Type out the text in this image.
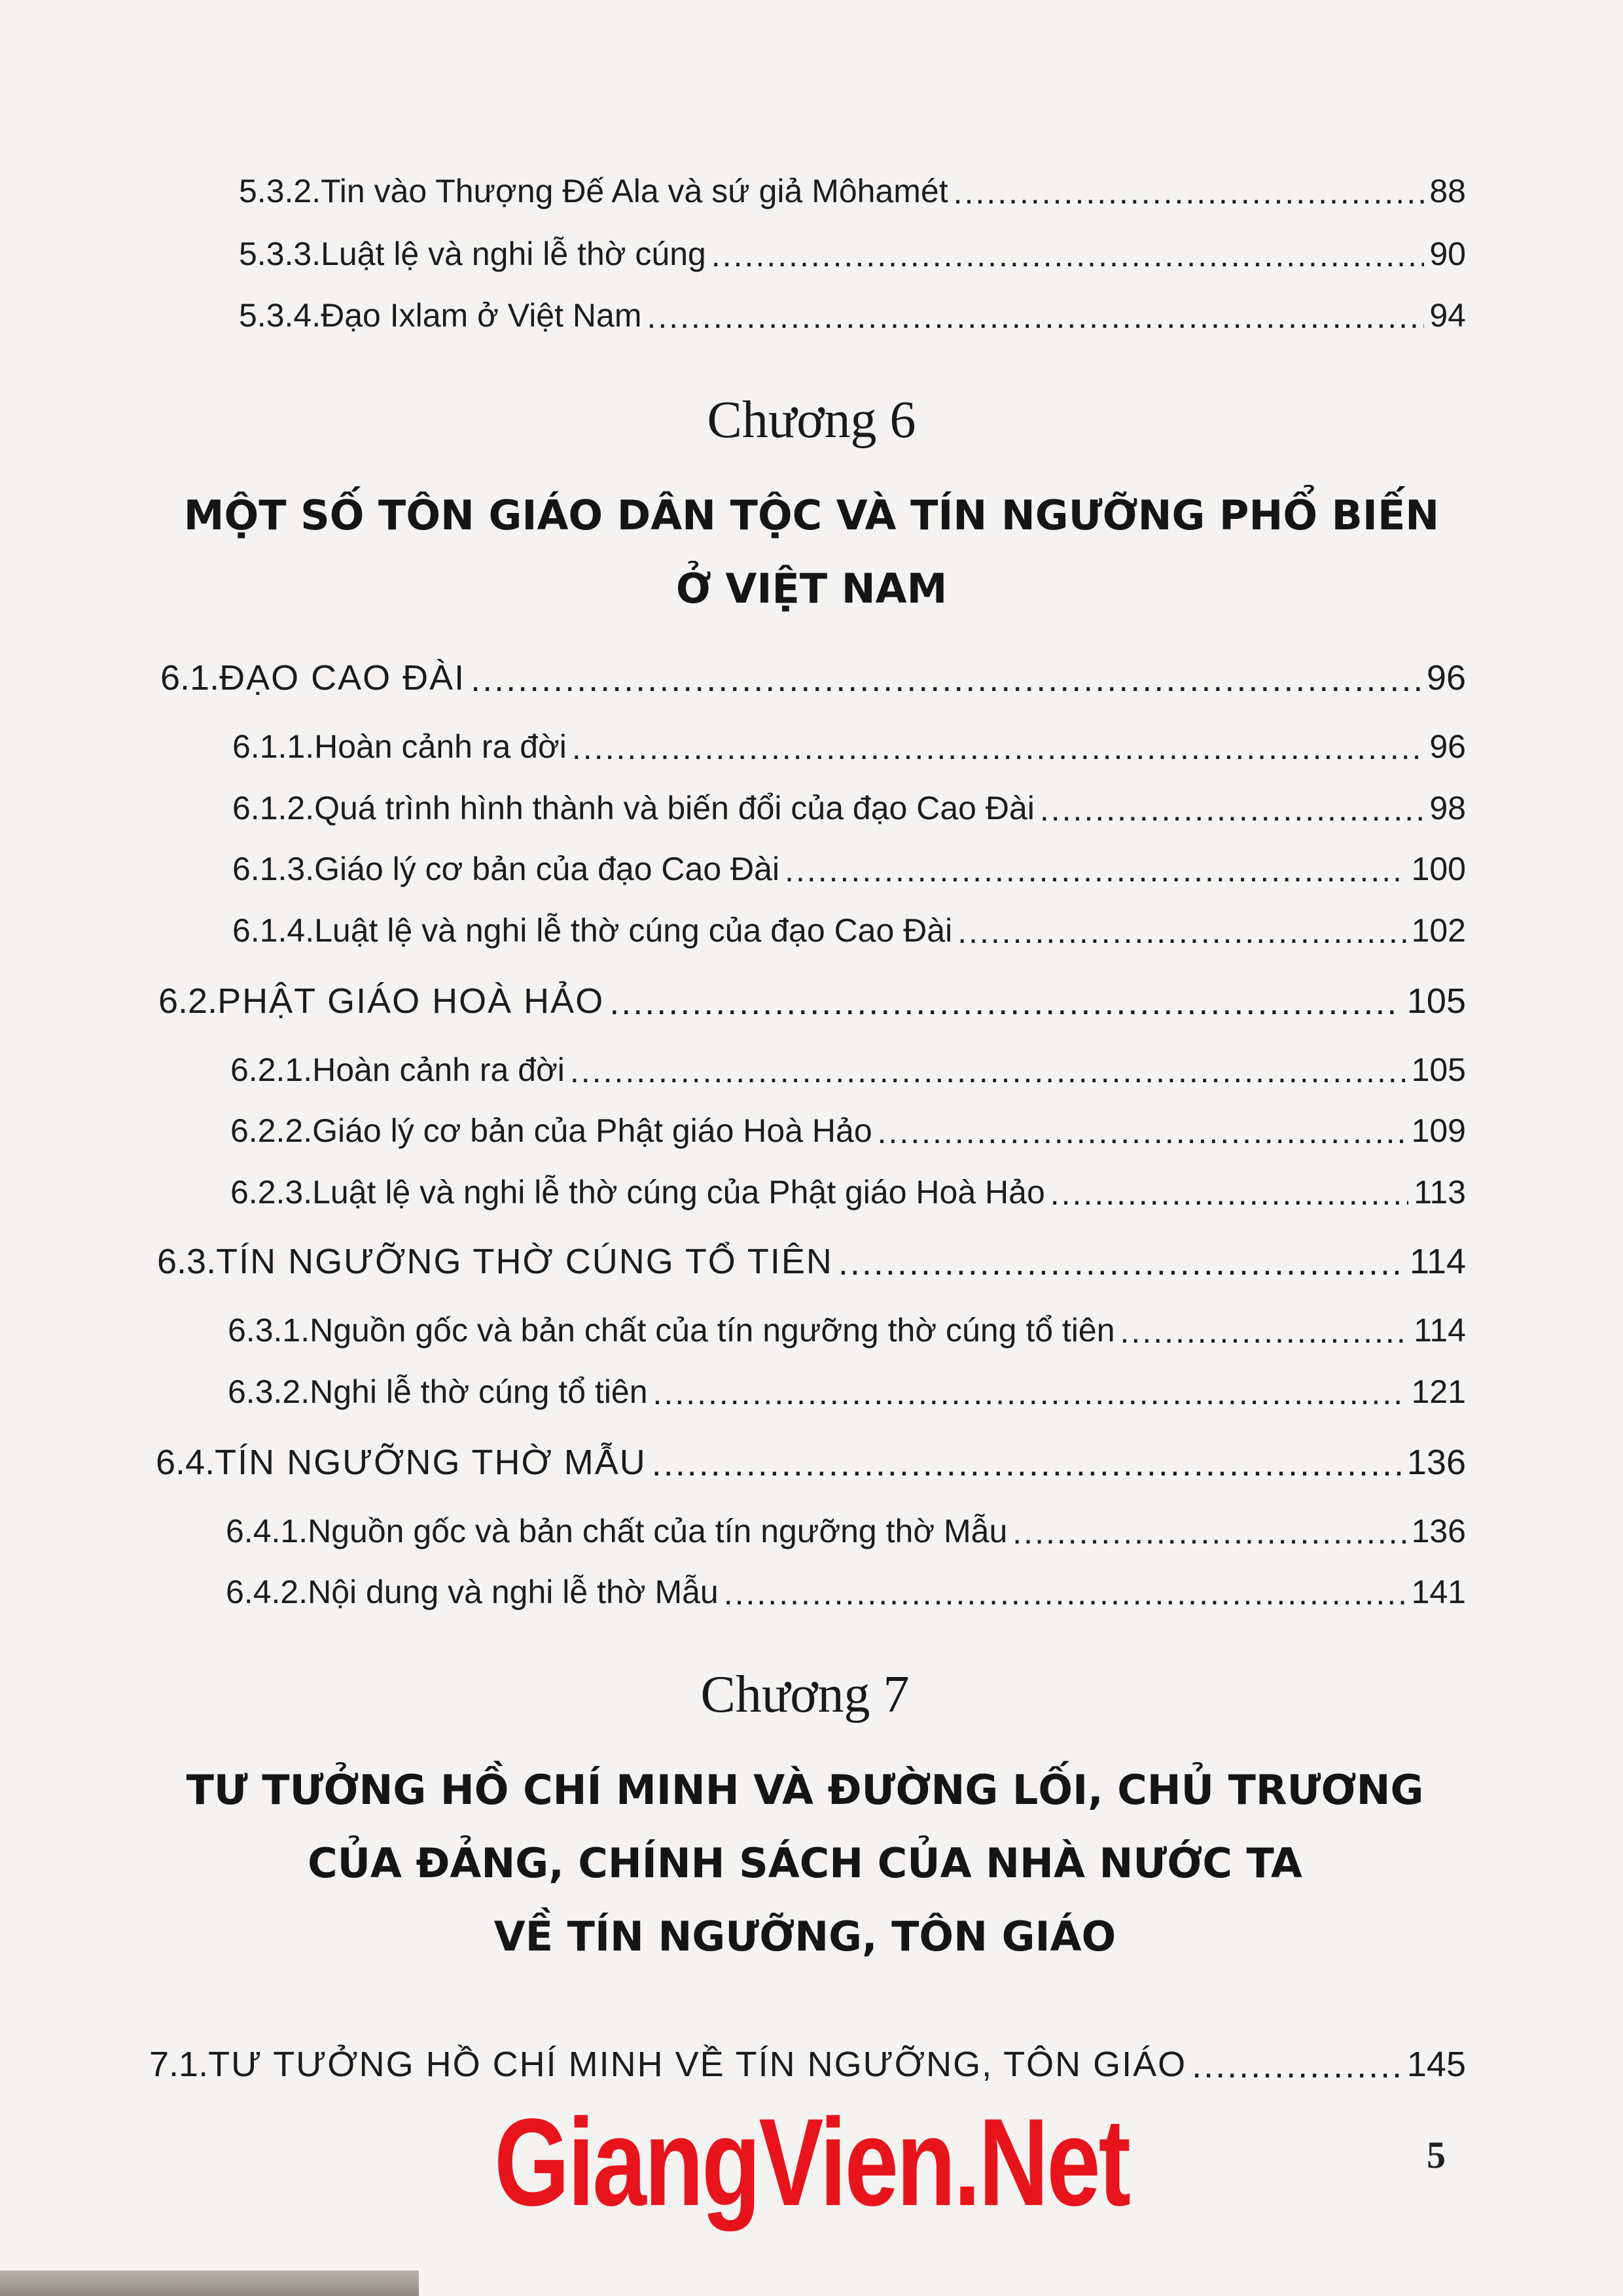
5.3.2. Tin vào Thượng Đế Ala và sứ giả Môhamét .....	88
5.3.3. Luật lệ và nghi lễ thờ cúng .....	90
5.3.4. Đạo Ixlam ở Việt Nam .....	94
Chương 6
MỘT SỐ TÔN GIÁO DÂN TỘC VÀ TÍN NGƯỠNG PHỔ BIẾN
Ở VIỆT NAM
6.1. ĐẠO CAO ĐÀI .....	96
6.1.1. Hoàn cảnh ra đời .....	96
6.1.2. Quá trình hình thành và biến đổi của đạo Cao Đài .....	98
6.1.3. Giáo lý cơ bản của đạo Cao Đài .....	100
6.1.4. Luật lệ và nghi lễ thờ cúng của đạo Cao Đài .....	102
6.2. PHẬT GIÁO HOÀ HẢO .....	105
6.2.1. Hoàn cảnh ra đời .....	105
6.2.2. Giáo lý cơ bản của Phật giáo Hoà Hảo .....	109
6.2.3. Luật lệ và nghi lễ thờ cúng của Phật giáo Hoà Hảo .....	113
6.3. TÍN NGƯỠNG THỜ CÚNG TỔ TIÊN .....	114
6.3.1. Nguồn gốc và bản chất của tín ngưỡng thờ cúng tổ tiên .....	114
6.3.2. Nghi lễ thờ cúng tổ tiên .....	121
6.4. TÍN NGƯỠNG THỜ MẪU .....	136
6.4.1. Nguồn gốc và bản chất của tín ngưỡng thờ Mẫu .....	136
6.4.2. Nội dung và nghi lễ thờ Mẫu .....	141
Chương 7
TƯ TƯỞNG HỒ CHÍ MINH VÀ ĐƯỜNG LỐI, CHỦ TRƯƠNG
CỦA ĐẢNG, CHÍNH SÁCH CỦA NHÀ NƯỚC TA
VỀ TÍN NGƯỠNG, TÔN GIÁO
7.1. TƯ TƯỞNG HỒ CHÍ MINH VỀ TÍN NGƯỠNG, TÔN GIÁO .....	145
GiangVien.Net	5
